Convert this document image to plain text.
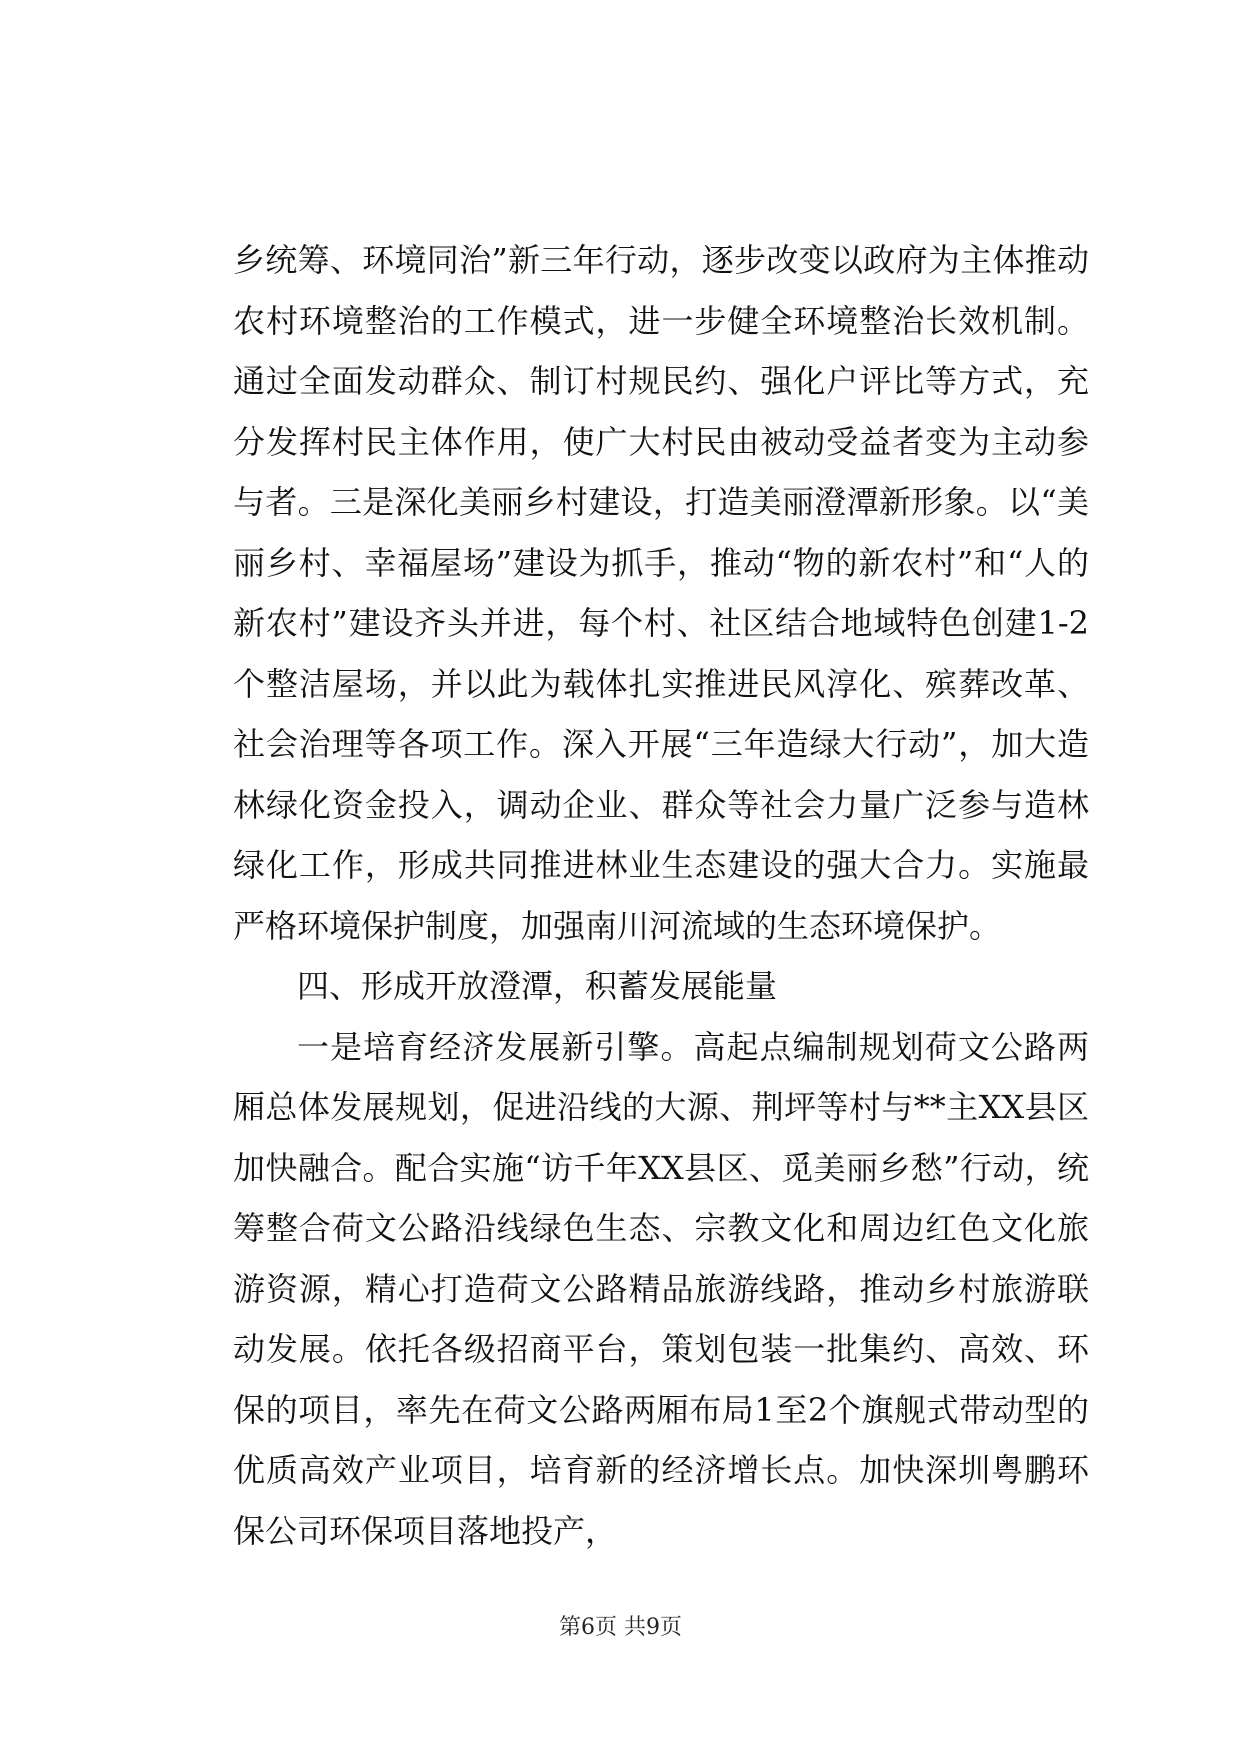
乡统筹、环境同治”新三年行动，逐步改变以政府为主体推动农村环境整治的工作模式，进一步健全环境整治长效机制。通过全面发动群众、制订村规民约、强化户评比等方式，充分发挥村民主体作用，使广大村民由被动受益者变为主动参与者。三是深化美丽乡村建设，打造美丽澄潭新形象。以“美丽乡村、幸福屋场”建设为抓手，推动“物的新农村”和“人的新农村”建设齐头并进，每个村、社区结合地域特色创建1-2个整洁屋场，并以此为载体扎实推进民风淳化、殡葬改革、社会治理等各项工作。深入开展“三年造绿大行动”，加大造林绿化资金投入，调动企业、群众等社会力量广泛参与造林绿化工作，形成共同推进林业生态建设的强大合力。实施最严格环境保护制度，加强南川河流域的生态环境保护。

四、形成开放澄潭，积蓄发展能量

一是培育经济发展新引擎。高起点编制规划荷文公路两厢总体发展规划，促进沿线的大源、荆坪等村与**主XX县区加快融合。配合实施“访千年XX县区、觅美丽乡愁”行动，统筹整合荷文公路沿线绿色生态、宗教文化和周边红色文化旅游资源，精心打造荷文公路精品旅游线路，推动乡村旅游联动发展。依托各级招商平台，策划包装一批集约、高效、环保的项目，率先在荷文公路两厢布局1至2个旗舰式带动型的优质高效产业项目，培育新的经济增长点。加快深圳粤鹏环保公司环保项目落地投产，

第6页 共9页
